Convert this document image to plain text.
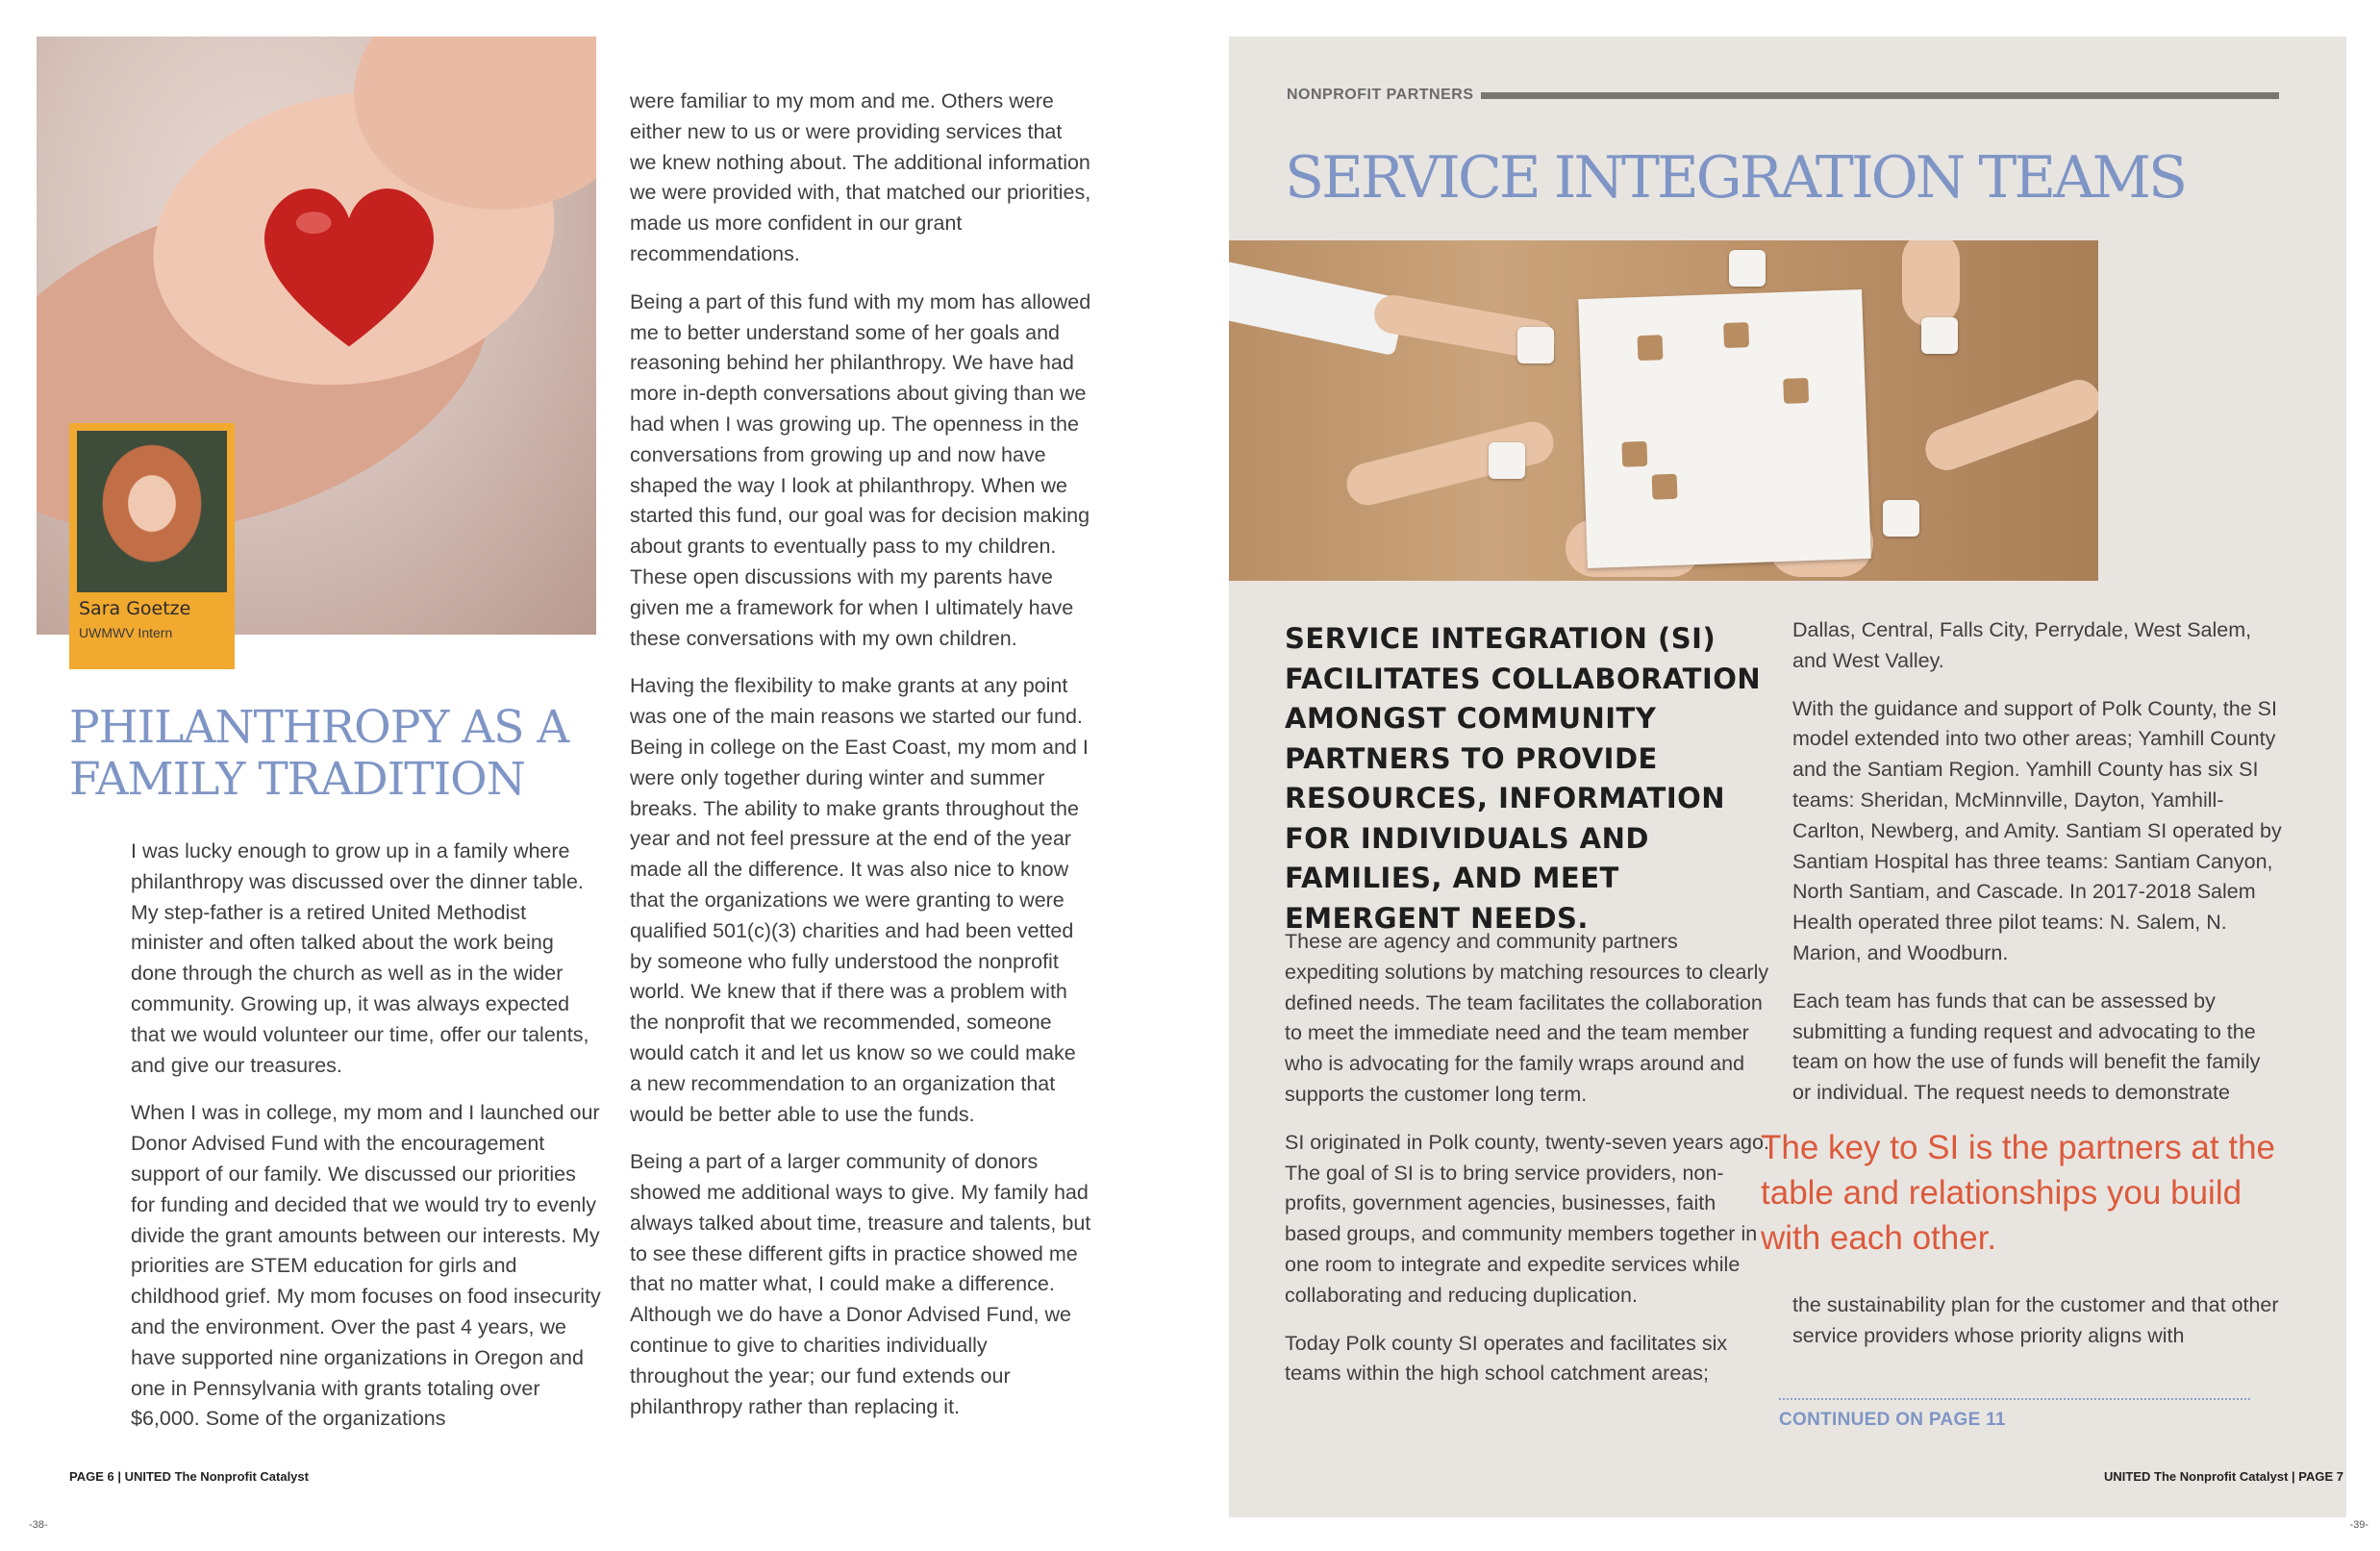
Sara Goetze
UWMWV Intern
PHILANTHROPY AS A
FAMILY TRADITION

I was lucky enough to grow up in a family where philanthropy was discussed over the dinner table. My step-father is a retired United Methodist minister and often talked about the work being done through the church as well as in the wider community. Growing up, it was always expected that we would volunteer our time, offer our talents, and give our treasures.

When I was in college, my mom and I launched our Donor Advised Fund with the encouragement support of our family. We discussed our priorities for funding and decided that we would try to evenly divide the grant amounts between our interests. My priorities are STEM education for girls and childhood grief. My mom focuses on food insecurity and the environment. Over the past 4 years, we have supported nine organizations in Oregon and one in Pennsylvania with grants totaling over $6,000. Some of the organizations

were familiar to my mom and me. Others were either new to us or were providing services that we knew nothing about. The additional information we were provided with, that matched our priorities, made us more confident in our grant recommendations.

Being a part of this fund with my mom has allowed me to better understand some of her goals and reasoning behind her philanthropy. We have had more in-depth conversations about giving than we had when I was growing up. The openness in the conversations from growing up and now have shaped the way I look at philanthropy. When we started this fund, our goal was for decision making about grants to eventually pass to my children. These open discussions with my parents have given me a framework for when I ultimately have these conversations with my own children.

Having the flexibility to make grants at any point was one of the main reasons we started our fund. Being in college on the East Coast, my mom and I were only together during winter and summer breaks. The ability to make grants throughout the year and not feel pressure at the end of the year made all the difference. It was also nice to know that the organizations we were granting to were qualified 501(c)(3) charities and had been vetted by someone who fully understood the nonprofit world. We knew that if there was a problem with the nonprofit that we recommended, someone would catch it and let us know so we could make a new recommendation to an organization that would be better able to use the funds.

Being a part of a larger community of donors showed me additional ways to give. My family had always talked about time, treasure and talents, but to see these different gifts in practice showed me that no matter what, I could make a difference. Although we do have a Donor Advised Fund, we continue to give to charities individually throughout the year; our fund extends our philanthropy rather than replacing it.

PAGE 6 | UNITED The Nonprofit Catalyst
-38-
NONPROFIT PARTNERS
SERVICE INTEGRATION TEAMS
SERVICE INTEGRATION (SI) FACILITATES COLLABORATION AMONGST COMMUNITY PARTNERS TO PROVIDE RESOURCES, INFORMATION FOR INDIVIDUALS AND FAMILIES, AND MEET EMERGENT NEEDS.

These are agency and community partners expediting solutions by matching resources to clearly defined needs. The team facilitates the collaboration to meet the immediate need and the team member who is advocating for the family wraps around and supports the customer long term.

SI originated in Polk county, twenty-seven years ago. The goal of SI is to bring service providers, non-profits, government agencies, businesses, faith based groups, and community members together in one room to integrate and expedite services while collaborating and reducing duplication.

Today Polk county SI operates and facilitates six teams within the high school catchment areas;

Dallas, Central, Falls City, Perrydale, West Salem, and West Valley.

With the guidance and support of Polk County, the SI model extended into two other areas; Yamhill County and the Santiam Region. Yamhill County has six SI teams: Sheridan, McMinnville, Dayton, Yamhill-Carlton, Newberg, and Amity. Santiam SI operated by Santiam Hospital has three teams: Santiam Canyon, North Santiam, and Cascade. In 2017-2018 Salem Health operated three pilot teams: N. Salem, N. Marion, and Woodburn.

Each team has funds that can be assessed by submitting a funding request and advocating to the team on how the use of funds will benefit the family or individual. The request needs to demonstrate

The key to SI is the partners at the table and relationships you build with each other.

the sustainability plan for the customer and that other service providers whose priority aligns with

CONTINUED ON PAGE 11
UNITED The Nonprofit Catalyst | PAGE 7
-39-
